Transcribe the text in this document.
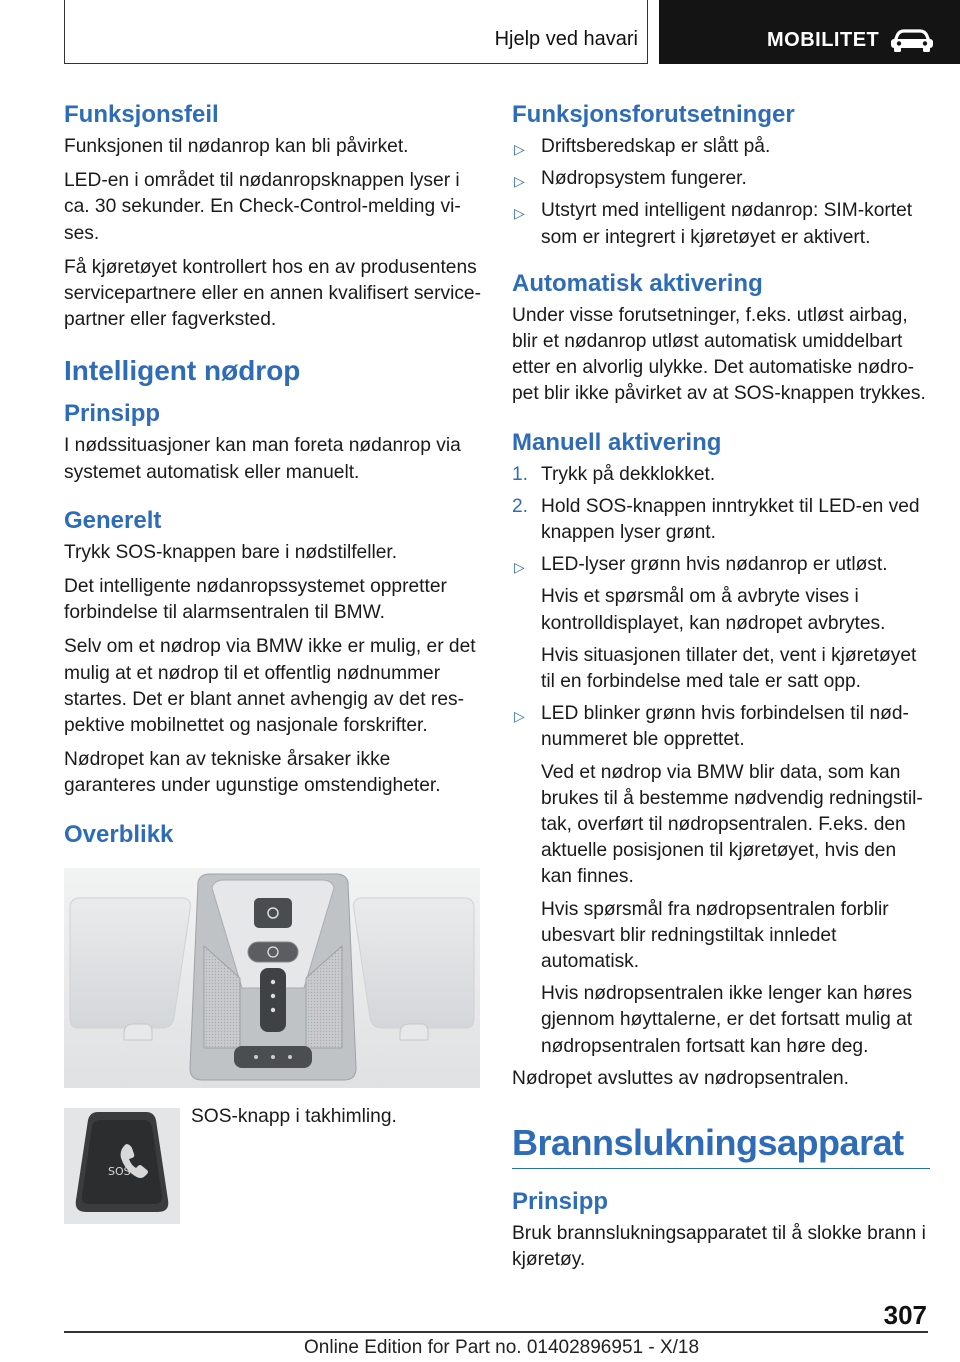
Hjelp ved havari	MOBILITET
Funksjonsfeil

Funksjonen til nødanrop kan bli påvirket.

LED-en i området til nødanropsknappen lyser i ca. 30 sekunder. En Check-Control-melding vises.

Få kjøretøyet kontrollert hos en av produsentens servicepartnere eller en annen kvalifisert servicepartner eller fagverksted.

Intelligent nødrop
Prinsipp

I nødssituasjoner kan man foreta nødanrop via systemet automatisk eller manuelt.

Generelt

Trykk SOS-knappen bare i nødstilfeller.

Det intelligente nødanropssystemet oppretter forbindelse til alarmsentralen til BMW.

Selv om et nødrop via BMW ikke er mulig, er det mulig at et nødrop til et offentlig nødnummer startes. Det er blant annet avhengig av det respektive mobilnettet og nasjonale forskrifter.

Nødropet kan av tekniske årsaker ikke garanteres under ugunstige omstendigheter.

Overblikk
SOS
SOS-knapp i takhimling.
Funksjonsforutsetninger
▷ Driftsberedskap er slått på.
▷ Nødropsystem fungerer.
▷ Utstyrt med intelligent nødanrop: SIM-kortet som er integrert i kjøretøyet er aktivert.
Automatisk aktivering

Under visse forutsetninger, f.eks. utløst airbag, blir et nødanrop utløst automatisk umiddelbart etter en alvorlig ulykke. Det automatiske nødropet blir ikke påvirket av at SOS-knappen trykkes.

Manuell aktivering
1. Trykk på dekklokket.
2. Hold SOS-knappen inntrykket til LED-en ved knappen lyser grønt.
▷ LED-lyser grønn hvis nødanrop er utløst.
Hvis et spørsmål om å avbryte vises i kontrolldisplayet, kan nødropet avbrytes.
Hvis situasjonen tillater det, vent i kjøretøyet til en forbindelse med tale er satt opp.
▷ LED blinker grønn hvis forbindelsen til nødnummeret ble opprettet.
Ved et nødrop via BMW blir data, som kan brukes til å bestemme nødvendig redningstiltak, overført til nødropsentralen. F.eks. den aktuelle posisjonen til kjøretøyet, hvis den kan finnes.
Hvis spørsmål fra nødropsentralen forblir ubesvart blir redningstiltak innledet automatisk.
Hvis nødropsentralen ikke lenger kan høres gjennom høyttalerne, er det fortsatt mulig at nødropsentralen fortsatt kan høre deg.

Nødropet avsluttes av nødropsentralen.

Brannslukningsapparat
Prinsipp

Bruk brannslukningsapparatet til å slokke brann i kjøretøy.

307
Online Edition for Part no. 01402896951 - X/18
